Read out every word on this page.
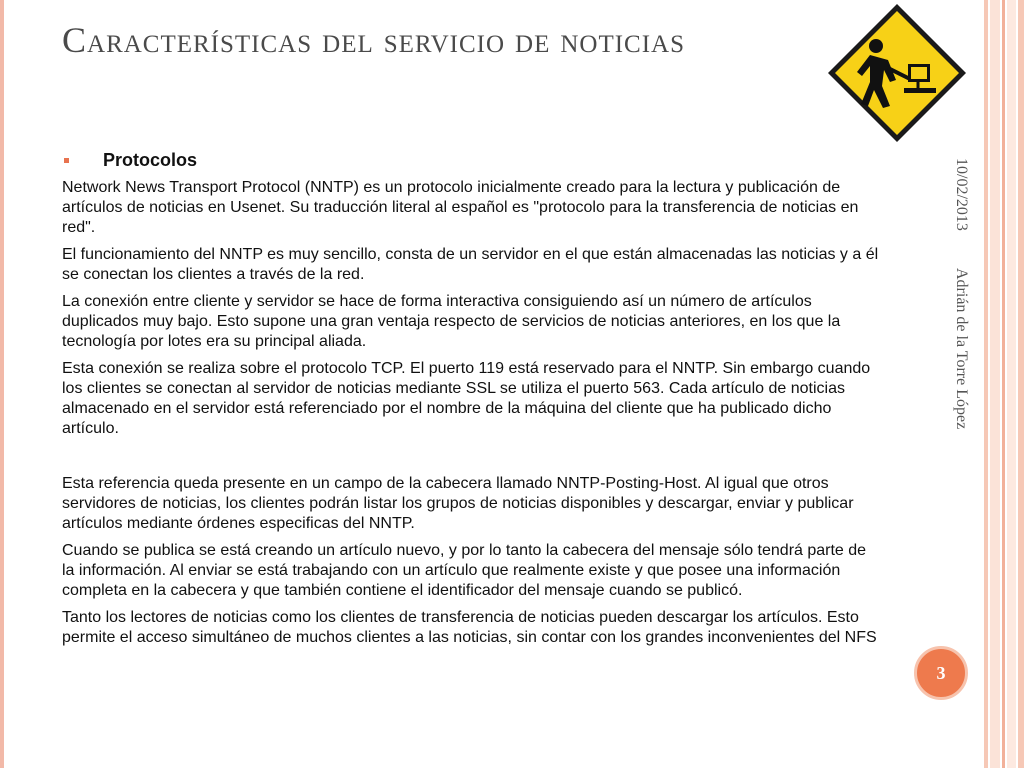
Características del servicio de noticias
Protocolos

Network News Transport Protocol (NNTP) es un protocolo inicialmente creado para la lectura y publicación de artículos de noticias en Usenet. Su traducción literal al español es "protocolo para la transferencia de noticias en red".

El funcionamiento del NNTP es muy sencillo, consta de un servidor en el que están almacenadas las noticias y a él se conectan los clientes a través de la red.

La conexión entre cliente y servidor se hace de forma interactiva consiguiendo así un número de artículos duplicados muy bajo. Esto supone una gran ventaja respecto de servicios de noticias anteriores, en los que la tecnología por lotes era su principal aliada.

Esta conexión se realiza sobre el protocolo TCP. El puerto 119 está reservado para el NNTP. Sin embargo cuando los clientes se conectan al servidor de noticias mediante SSL se utiliza el puerto 563. Cada artículo de noticias almacenado en el servidor está referenciado por el nombre de la máquina del cliente que ha publicado dicho artículo.

Esta referencia queda presente en un campo de la cabecera llamado NNTP-Posting-Host. Al igual que otros servidores de noticias, los clientes podrán listar los grupos de noticias disponibles y descargar, enviar y publicar artículos mediante órdenes especificas del NNTP.

Cuando se publica se está creando un artículo nuevo, y por lo tanto la cabecera del mensaje sólo tendrá parte de la información. Al enviar se está trabajando con un artículo que realmente existe y que posee una información completa en la cabecera y que también contiene el identificador del mensaje cuando se publicó.

Tanto los lectores de noticias como los clientes de transferencia de noticias pueden descargar los artículos. Esto permite el acceso simultáneo de muchos clientes a las noticias, sin contar con los grandes inconvenientes del NFS

10/02/2013
Adrián de la Torre López
3
